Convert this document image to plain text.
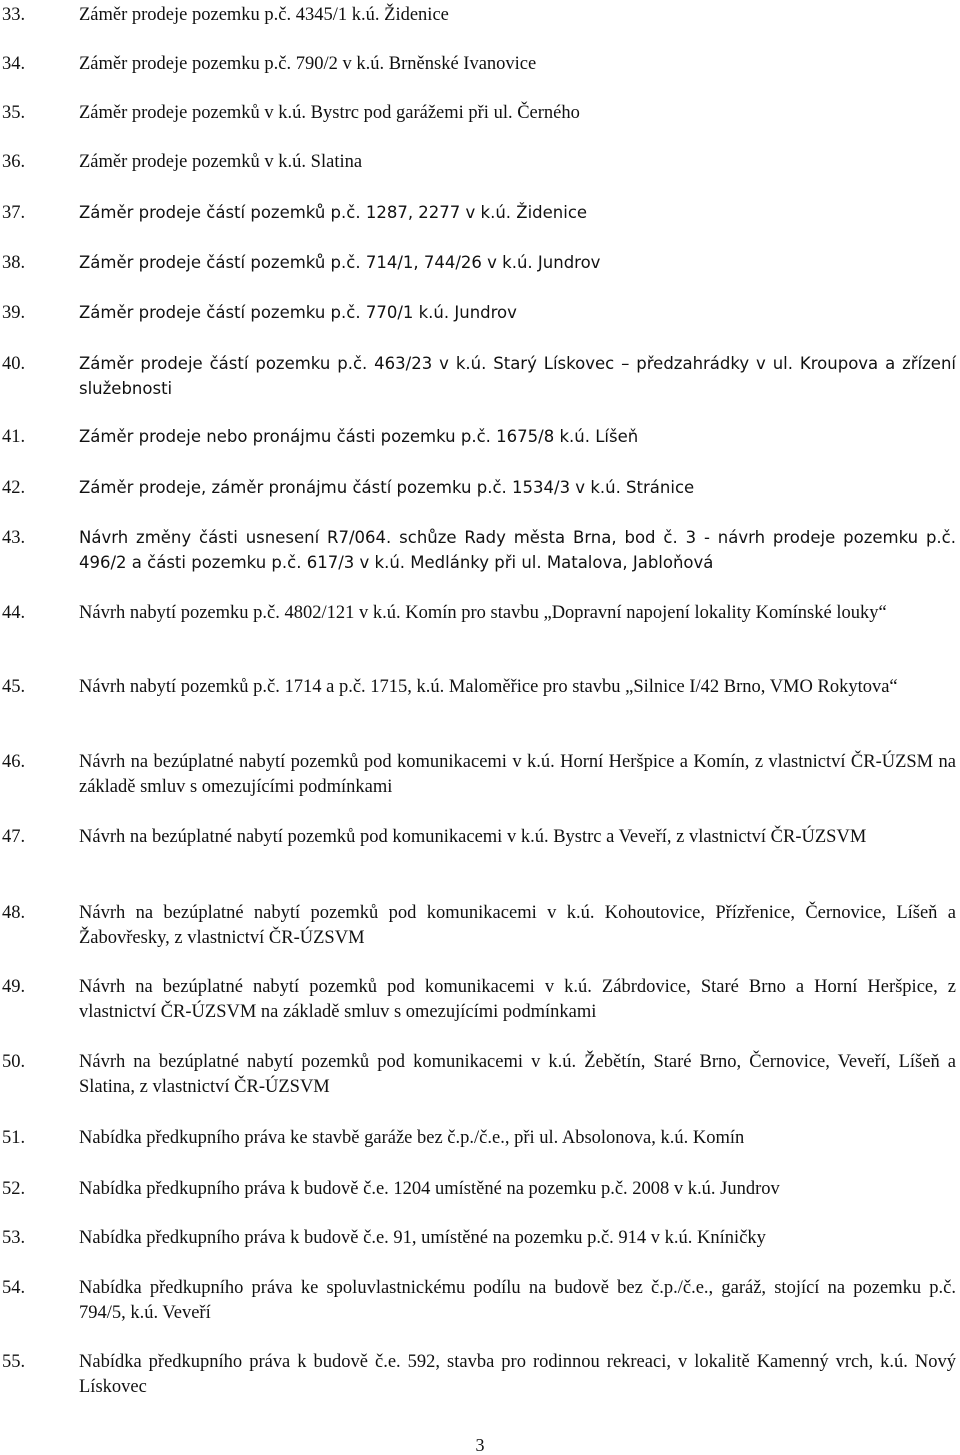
33.	Záměr prodeje pozemku p.č. 4345/1 k.ú. Židenice
34.	Záměr prodeje pozemku p.č. 790/2 v k.ú. Brněnské Ivanovice
35.	Záměr prodeje pozemků v k.ú. Bystrc pod garážemi při ul. Černého
36.	Záměr prodeje pozemků v k.ú. Slatina
37.	Záměr prodeje částí pozemků p.č. 1287, 2277 v k.ú. Židenice
38.	Záměr prodeje částí pozemků p.č. 714/1, 744/26 v k.ú. Jundrov
39.	Záměr prodeje částí pozemku p.č. 770/1 k.ú. Jundrov
40.	Záměr prodeje částí pozemku p.č. 463/23 v k.ú. Starý Lískovec – předzahrádky v ul. Kroupova a zřízení služebnosti
41.	Záměr prodeje nebo pronájmu části pozemku p.č. 1675/8 k.ú. Líšeň
42.	Záměr prodeje, záměr pronájmu částí pozemku p.č. 1534/3 v k.ú. Stránice
43.	Návrh změny části usnesení R7/064. schůze Rady města Brna, bod č. 3 - návrh prodeje pozemku p.č. 496/2 a části pozemku p.č. 617/3 v k.ú. Medlánky při ul. Matalova, Jabloňová
44.	Návrh nabytí pozemku p.č. 4802/121 v k.ú. Komín pro stavbu „Dopravní napojení lokality Komínské louky“
45.	Návrh nabytí pozemků p.č. 1714 a p.č. 1715, k.ú. Maloměřice pro stavbu „Silnice I/42 Brno, VMO Rokytova“
46.	Návrh na bezúplatné nabytí pozemků pod komunikacemi v k.ú. Horní Heršpice a Komín, z vlastnictví ČR-ÚZSM na základě smluv s omezujícími podmínkami
47.	Návrh na bezúplatné nabytí pozemků pod komunikacemi v k.ú. Bystrc a Veveří, z vlastnictví ČR-ÚZSVM
48.	Návrh na bezúplatné nabytí pozemků pod komunikacemi v k.ú. Kohoutovice, Přízřenice, Černovice, Líšeň a Žabovřesky, z vlastnictví ČR-ÚZSVM
49.	Návrh na bezúplatné nabytí pozemků pod komunikacemi v k.ú. Zábrdovice, Staré Brno a Horní Heršpice, z vlastnictví ČR-ÚZSVM na základě smluv s omezujícími podmínkami
50.	Návrh na bezúplatné nabytí pozemků pod komunikacemi v k.ú. Žebětín, Staré Brno, Černovice, Veveří, Líšeň a Slatina, z vlastnictví ČR-ÚZSVM
51.	Nabídka předkupního práva ke stavbě garáže bez č.p./č.e., při ul. Absolonova, k.ú. Komín
52.	Nabídka předkupního práva k budově č.e. 1204 umístěné na pozemku p.č. 2008 v k.ú. Jundrov
53.	Nabídka předkupního práva k budově č.e. 91, umístěné na pozemku p.č. 914 v k.ú. Kníničky
54.	Nabídka předkupního práva ke spoluvlastnickému podílu na budově bez č.p./č.e., garáž, stojící na pozemku p.č. 794/5, k.ú. Veveří
55.	Nabídka předkupního práva k budově č.e. 592, stavba pro rodinnou rekreaci, v lokalitě Kamenný vrch, k.ú. Nový Lískovec
3
